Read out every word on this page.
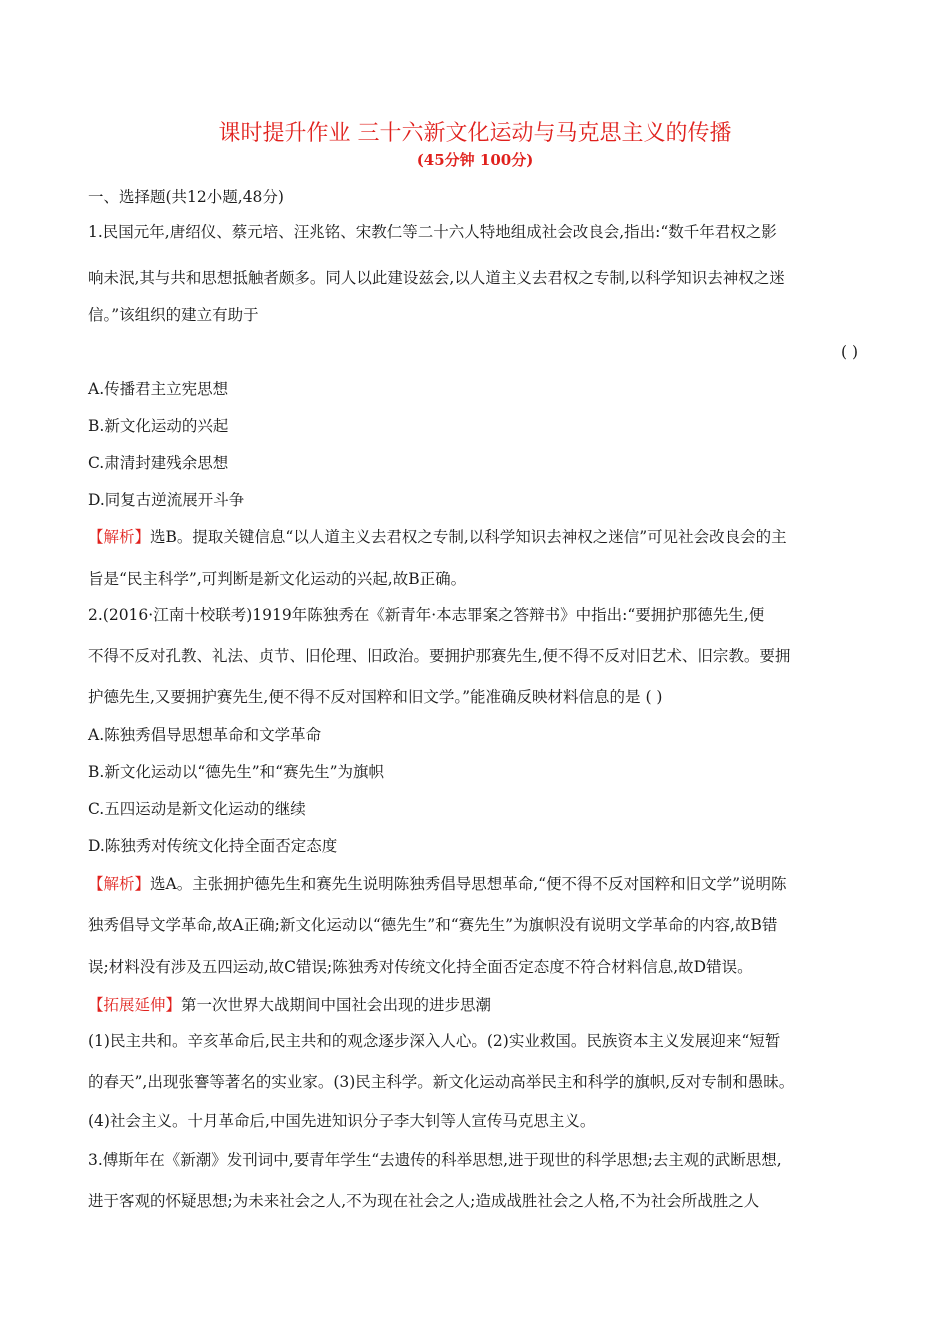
课时提升作业 三十六新文化运动与马克思主义的传播
(45分钟 100分)
一、选择题(共12小题,48分)
1.民国元年,唐绍仪、蔡元培、汪兆铭、宋教仁等二十六人特地组成社会改良会,指出:“数千年君权之影
响未泯,其与共和思想抵触者颇多。同人以此建设兹会,以人道主义去君权之专制,以科学知识去神权之迷
信。”该组织的建立有助于
( )
A.传播君主立宪思想
B.新文化运动的兴起
C.肃清封建残余思想
D.同复古逆流展开斗争
【解析】选B。提取关键信息“以人道主义去君权之专制,以科学知识去神权之迷信”可见社会改良会的主
旨是“民主科学”,可判断是新文化运动的兴起,故B正确。
2.(2016·江南十校联考)1919年陈独秀在《新青年·本志罪案之答辩书》中指出:“要拥护那德先生,便
不得不反对孔教、礼法、贞节、旧伦理、旧政治。要拥护那赛先生,便不得不反对旧艺术、旧宗教。要拥
护德先生,又要拥护赛先生,便不得不反对国粹和旧文学。”能准确反映材料信息的是 ( )
A.陈独秀倡导思想革命和文学革命
B.新文化运动以“德先生”和“赛先生”为旗帜
C.五四运动是新文化运动的继续
D.陈独秀对传统文化持全面否定态度
【解析】选A。主张拥护德先生和赛先生说明陈独秀倡导思想革命,“便不得不反对国粹和旧文学”说明陈
独秀倡导文学革命,故A正确;新文化运动以“德先生”和“赛先生”为旗帜没有说明文学革命的内容,故B错
误;材料没有涉及五四运动,故C错误;陈独秀对传统文化持全面否定态度不符合材料信息,故D错误。
【拓展延伸】第一次世界大战期间中国社会出现的进步思潮
(1)民主共和。辛亥革命后,民主共和的观念逐步深入人心。(2)实业救国。民族资本主义发展迎来“短暂
的春天”,出现张謇等著名的实业家。(3)民主科学。新文化运动高举民主和科学的旗帜,反对专制和愚昧。
(4)社会主义。十月革命后,中国先进知识分子李大钊等人宣传马克思主义。
3.傅斯年在《新潮》发刊词中,要青年学生“去遗传的科举思想,进于现世的科学思想;去主观的武断思想,
进于客观的怀疑思想;为未来社会之人,不为现在社会之人;造成战胜社会之人格,不为社会所战胜之人
